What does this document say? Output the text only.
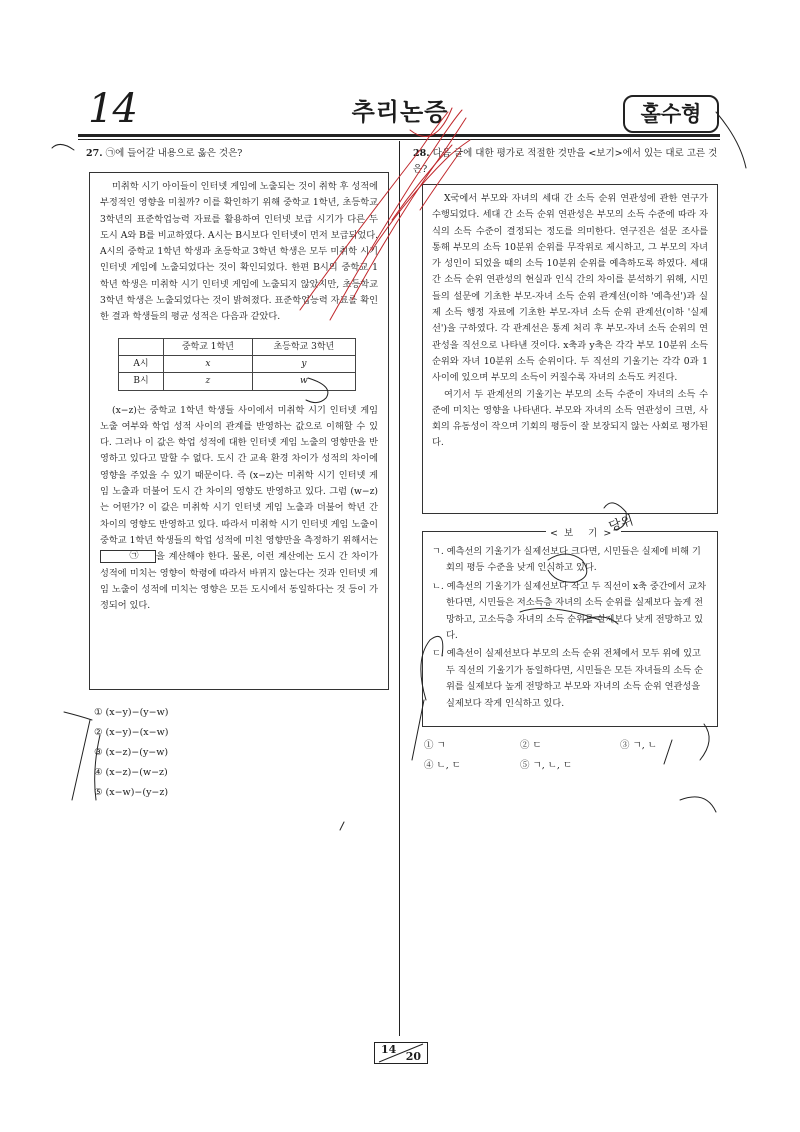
14	추리논증	홀수형
27. ㉠에 들어갈 내용으로 옳은 것은?

미취학 시기 아이들이 인터넷 게임에 노출되는 것이 취학 후 성적에 부정적인 영향을 미칠까? 이를 확인하기 위해 중학교 1학년, 초등학교 3학년의 표준학업능력 자료를 활용하여 인터넷 보급 시기가 다른 두 도시 A와 B를 비교하였다. A시는 B시보다 인터넷이 먼저 보급되었다. A시의 중학교 1학년 학생과 초등학교 3학년 학생은 모두 미취학 시기 인터넷 게임에 노출되었다는 것이 확인되었다. 한편 B시의 중학교 1학년 학생은 미취학 시기 인터넷 게임에 노출되지 않았지만, 초등학교 3학년 학생은 노출되었다는 것이 밝혀졌다. 표준학업능력 자료를 확인한 결과 학생들의 평균 성적은 다음과 같았다.

	중학교 1학년	초등학교 3학년
A시	x	y
B시	z	w

(x−z)는 중학교 1학년 학생들 사이에서 미취학 시기 인터넷 게임 노출 여부와 학업 성적 사이의 관계를 반영하는 값으로 이해할 수 있다. 그러나 이 값은 학업 성적에 대한 인터넷 게임 노출의 영향만을 반영하고 있다고 말할 수 없다. 도시 간 교육 환경 차이가 성적의 차이에 영향을 주었을 수 있기 때문이다. 즉 (x−z)는 미취학 시기 인터넷 게임 노출과 더불어 도시 간 차이의 영향도 반영하고 있다. 그럼 (w−z)는 어떤가? 이 값은 미취학 시기 인터넷 게임 노출과 더불어 학년 간 차이의 영향도 반영하고 있다. 따라서 미취학 시기 인터넷 게임 노출이 중학교 1학년 학생들의 학업 성적에 미친 영향만을 측정하기 위해서는 ㉠ 을 계산해야 한다. 물론, 이런 계산에는 도시 간 차이가 성적에 미치는 영향이 학령에 따라서 바뀌지 않는다는 것과 인터넷 게임 노출이 성적에 미치는 영향은 모든 도시에서 동일하다는 것 등이 가정되어 있다.

① (x−y)−(y−w)
② (x−y)−(x−w)
③ (x−z)−(y−w)
④ (x−z)−(w−z)
⑤ (x−w)−(y−z)
28. 다음 글에 대한 평가로 적절한 것만을 <보기>에서 있는 대로 고른 것은?

X국에서 부모와 자녀의 세대 간 소득 순위 연관성에 관한 연구가 수행되었다. 세대 간 소득 순위 연관성은 부모의 소득 수준에 따라 자식의 소득 수준이 결정되는 정도를 의미한다. 연구진은 설문 조사를 통해 부모의 소득 10분위 순위를 무작위로 제시하고, 그 부모의 자녀가 성인이 되었을 때의 소득 10분위 순위를 예측하도록 하였다. 세대 간 소득 순위 연관성의 현실과 인식 간의 차이를 분석하기 위해, 시민들의 설문에 기초한 부모-자녀 소득 순위 관계선(이하 '예측선')과 실제 소득 행정 자료에 기초한 부모-자녀 소득 순위 관계선(이하 '실제선')을 구하였다. 각 관계선은 통계 처리 후 부모-자녀 소득 순위의 연관성을 직선으로 나타낸 것이다. x축과 y축은 각각 부모 10분위 소득 순위와 자녀 10분위 소득 순위이다. 두 직선의 기울기는 각각 0과 1사이에 있으며 부모의 소득이 커질수록 자녀의 소득도 커진다.

여기서 두 관계선의 기울기는 부모의 소득 수준이 자녀의 소득 수준에 미치는 영향을 나타낸다. 부모와 자녀의 소득 연관성이 크면, 사회의 유동성이 작으며 기회의 평등이 잘 보장되지 않는 사회로 평가된다.

ㄱ. 예측선의 기울기가 실제선보다 크다면, 시민들은 실제에 비해 기회의 평등 수준을 낮게 인식하고 있다.
ㄴ. 예측선의 기울기가 실제선보다 작고 두 직선이 x축 중간에서 교차한다면, 시민들은 저소득층 자녀의 소득 순위를 실제보다 높게 전망하고, 고소득층 자녀의 소득 순위를 실제보다 낮게 전망하고 있다.
ㄷ. 예측선이 실제선보다 부모의 소득 순위 전체에서 모두 위에 있고 두 직선의 기울기가 동일하다면, 시민들은 모든 자녀들의 소득 순위를 실제보다 높게 전망하고 부모와 자녀의 소득 순위 연관성을 실제보다 작게 인식하고 있다.
<보 기>
① ㄱ	② ㄷ	③ ㄱ, ㄴ
④ ㄴ, ㄷ	⑤ ㄱ, ㄴ, ㄷ
14
20
당위
